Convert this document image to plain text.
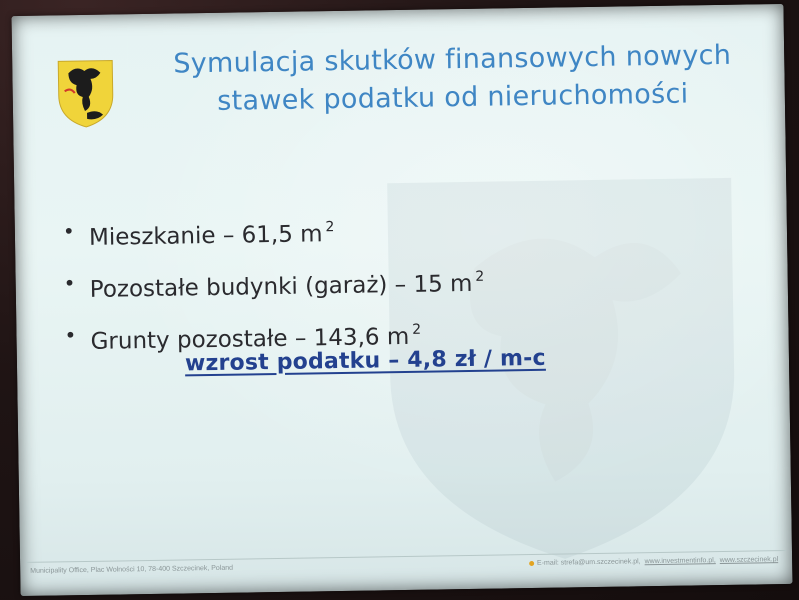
Symulacja skutków finansowych nowych
stawek podatku od nieruchomości
• Mieszkanie – 61,5 m $^2$
• Pozostałe budynki (garaż) – 15 m $^2$
• Grunty pozostałe – 143,6 m $^2$
wzrost podatku – 4,8 zł / m-c
Municipality Office, Plac Wolności 10, 78-400 Szczecinek, Poland
E-mail: strefa@um.szczecinek.pl, www.investmentinfo.pl, www.szczecinek.pl
